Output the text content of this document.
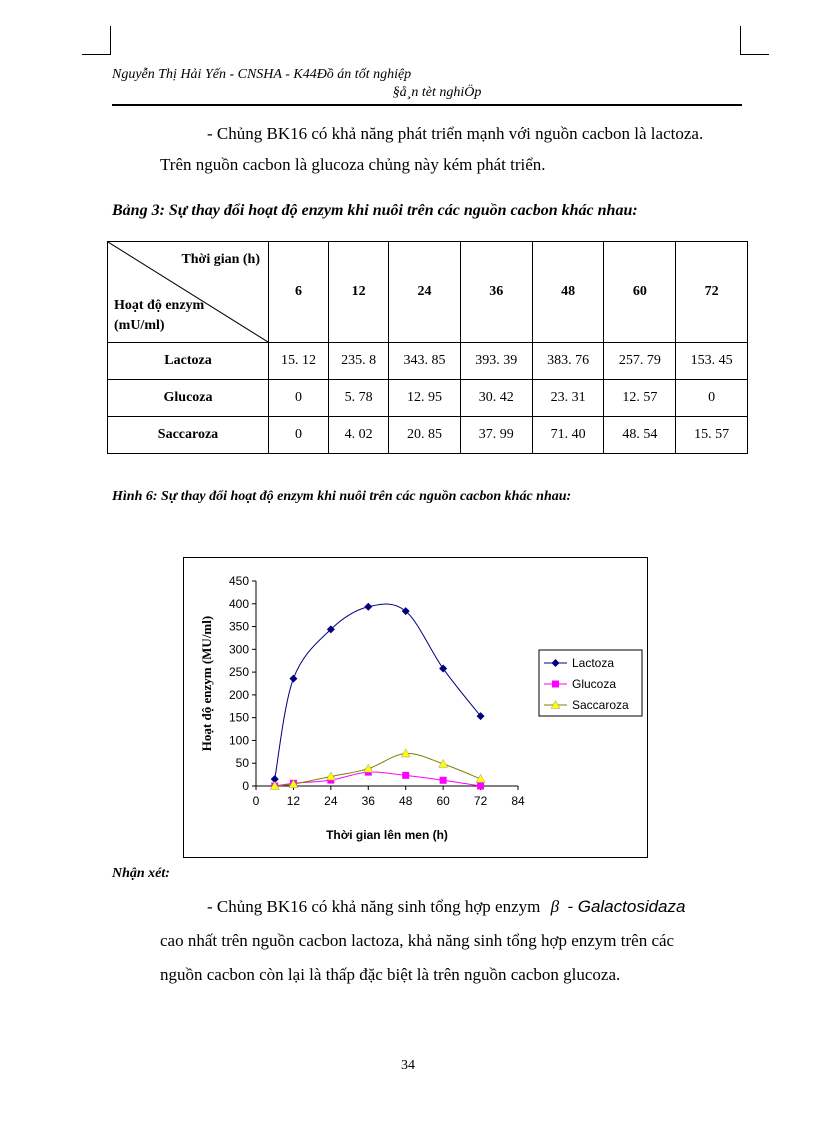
Nguyễn Thị Hải Yến - CNSHA - K44Đồ án tốt nghiệp
§å¸n tèt nghiÖp
- Chủng BK16 có khả năng phát triển mạnh với nguồn cacbon là lactoza.
Trên nguồn cacbon là glucoza chủng này kém phát triển.
Bảng 3: Sự thay đổi hoạt độ enzym khi nuôi trên các nguồn cacbon khác nhau:
Thời gian (h)
Hoạt độ enzym
(mU/ml)	6	12	24	36	48	60	72
Lactoza	15. 12	235. 8	343. 85	393. 39	383. 76	257. 79	153. 45
Glucoza	0	5. 78	12. 95	30. 42	23. 31	12. 57	0
Saccaroza	0	4. 02	20. 85	37. 99	71. 40	48. 54	15. 57
Hình 6: Sự thay đổi hoạt độ enzym khi nuôi trên các nguồn cacbon khác nhau:
0
50
100
150
200
250
300
350
400
450
0 12 24 36 48 60 72 84
Thời gian lên men (h)
Hoạt độ enzym (MU/ml)	Lactoza
Glucoza
Saccaroza
Nhận xét:
- Chủng BK16 có khả năng sinh tổng hợp enzym β - Galactosidaza
cao nhất trên nguồn cacbon lactoza, khả năng sinh tổng hợp enzym trên các
nguồn cacbon còn lại là thấp đặc biệt là trên nguồn cacbon glucoza.
34
